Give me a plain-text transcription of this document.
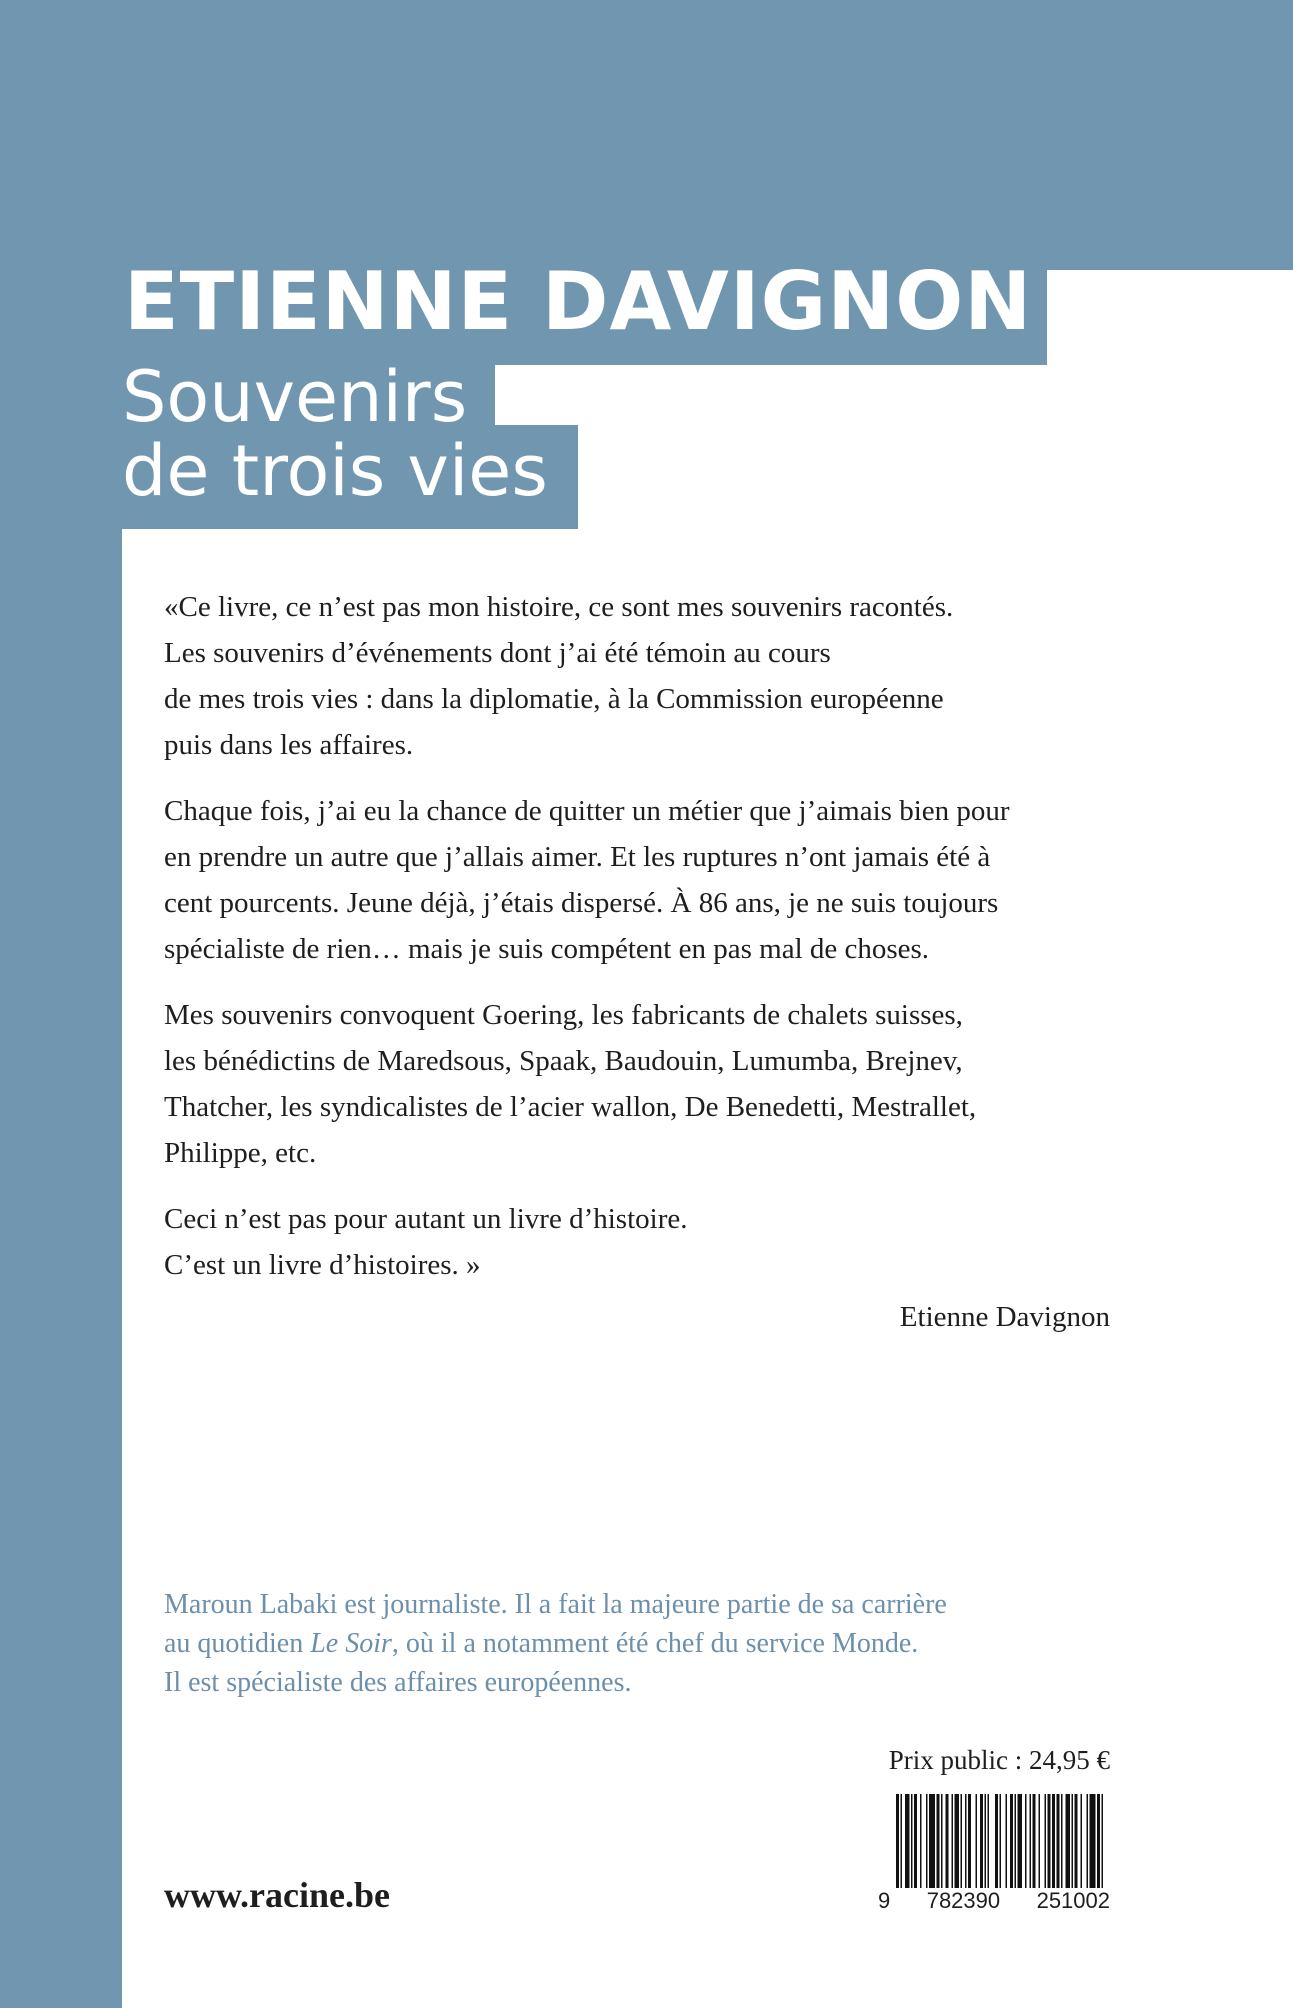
ETIENNE DAVIGNON
Souvenirs
de trois vies

«Ce livre, ce n’est pas mon histoire, ce sont mes souvenirs racontés.
Les souvenirs d’événements dont j’ai été témoin au cours
de mes trois vies : dans la diplomatie, à la Commission européenne
puis dans les affaires.

Chaque fois, j’ai eu la chance de quitter un métier que j’aimais bien pour
en prendre un autre que j’allais aimer. Et les ruptures n’ont jamais été à
cent pourcents. Jeune déjà, j’étais dispersé. À 86 ans, je ne suis toujours
spécialiste de rien… mais je suis compétent en pas mal de choses.

Mes souvenirs convoquent Goering, les fabricants de chalets suisses,
les bénédictins de Maredsous, Spaak, Baudouin, Lumumba, Brejnev,
Thatcher, les syndicalistes de l’acier wallon, De Benedetti, Mestrallet,
Philippe, etc.

Ceci n’est pas pour autant un livre d’histoire.
C’est un livre d’histoires. »

Etienne Davignon
Maroun Labaki est journaliste. Il a fait la majeure partie de sa carrière
au quotidien Le Soir, où il a notamment été chef du service Monde.
Il est spécialiste des affaires européennes.
Prix public : 24,95 €
9 782390 251002
www.racine.be
